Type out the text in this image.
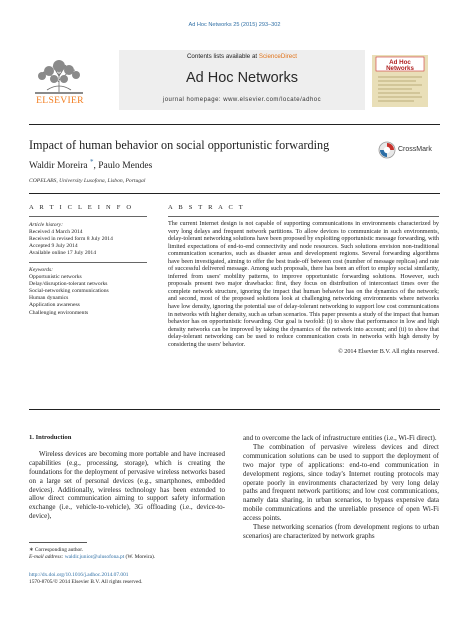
Ad Hoc Networks 25 (2015) 293–302
ELSEVIER
Contents lists available at ScienceDirect
Ad Hoc Networks
journal homepage: www.elsevier.com/locate/adhoc
Ad Hoc
Networks
Impact of human behavior on social opportunistic forwarding	CrossMark
Waldir Moreira *, Paulo Mendes
COPELABS, University Lusofona, Lisbon, Portugal
A R T I C L E I N F O
Article history:
Received 4 March 2014
Received in revised form 8 July 2014
Accepted 9 July 2014
Available online 17 July 2014
Keywords:
Opportunistic networks
Delay/disruption-tolerant networks
Social-networking communications
Human dynamics
Application awareness
Challenging environments
A B S T R A C T
The current Internet design is not capable of supporting communications in environments characterized by very long delays and frequent network partitions. To allow devices to communicate in such environments, delay-tolerant networking solutions have been proposed by exploiting opportunistic message forwarding, with limited expectations of end-to-end connectivity and node resources. Such solutions envision non-traditional communication scenarios, such as disaster areas and development regions. Several forwarding algorithms have been investigated, aiming to offer the best trade-off between cost (number of message replicas) and rate of successful delivered message. Among such proposals, there has been an effort to employ social similarity, inferred from users' mobility patterns, to improve opportunistic forwarding solutions. However, such proposals present two major drawbacks: first, they focus on distribution of intercontact times over the complete network structure, ignoring the impact that human behavior has on the dynamics of the network; and second, most of the proposed solutions look at challenging networking environments where networks have low density, ignoring the potential use of delay-tolerant networking to support low cost communications in networks with higher density, such as urban scenarios. This paper presents a study of the impact that human behavior has on opportunistic forwarding. Our goal is twofold: (i) to show that performance in low and high density networks can be improved by taking the dynamics of the network into account; and (ii) to show that delay-tolerant networking can be used to reduce communication costs in networks with high density by considering the users' behavior.
© 2014 Elsevier B.V. All rights reserved.
1. Introduction

Wireless devices are becoming more portable and have increased capabilities (e.g., processing, storage), which is creating the foundations for the deployment of pervasive wireless networks based on a large set of personal devices (e.g., smartphones, embedded devices). Additionally, wireless technology has been extended to allow direct communication aiming to support safety information exchange (i.e., vehicle-to-vehicle), 3G offloading (i.e., device-to-device),

and to overcome the lack of infrastructure entities (i.e., Wi-Fi direct).

The combination of pervasive wireless devices and direct communication solutions can be used to support the deployment of two major type of applications: end-to-end communication in development regions, since today's Internet routing protocols may operate poorly in environments characterized by very long delay paths and frequent network partitions; and low cost communications, namely data sharing, in urban scenarios, to bypass expensive data mobile communications and the unreliable presence of open Wi-Fi access points.

These networking scenarios (from development regions to urban scenarios) are characterized by network graphs

∗ Corresponding author.
E-mail address: waldir.junior@ulusofona.pt (W. Moreira).
http://dx.doi.org/10.1016/j.adhoc.2014.07.001
1570-8705/© 2014 Elsevier B.V. All rights reserved.
